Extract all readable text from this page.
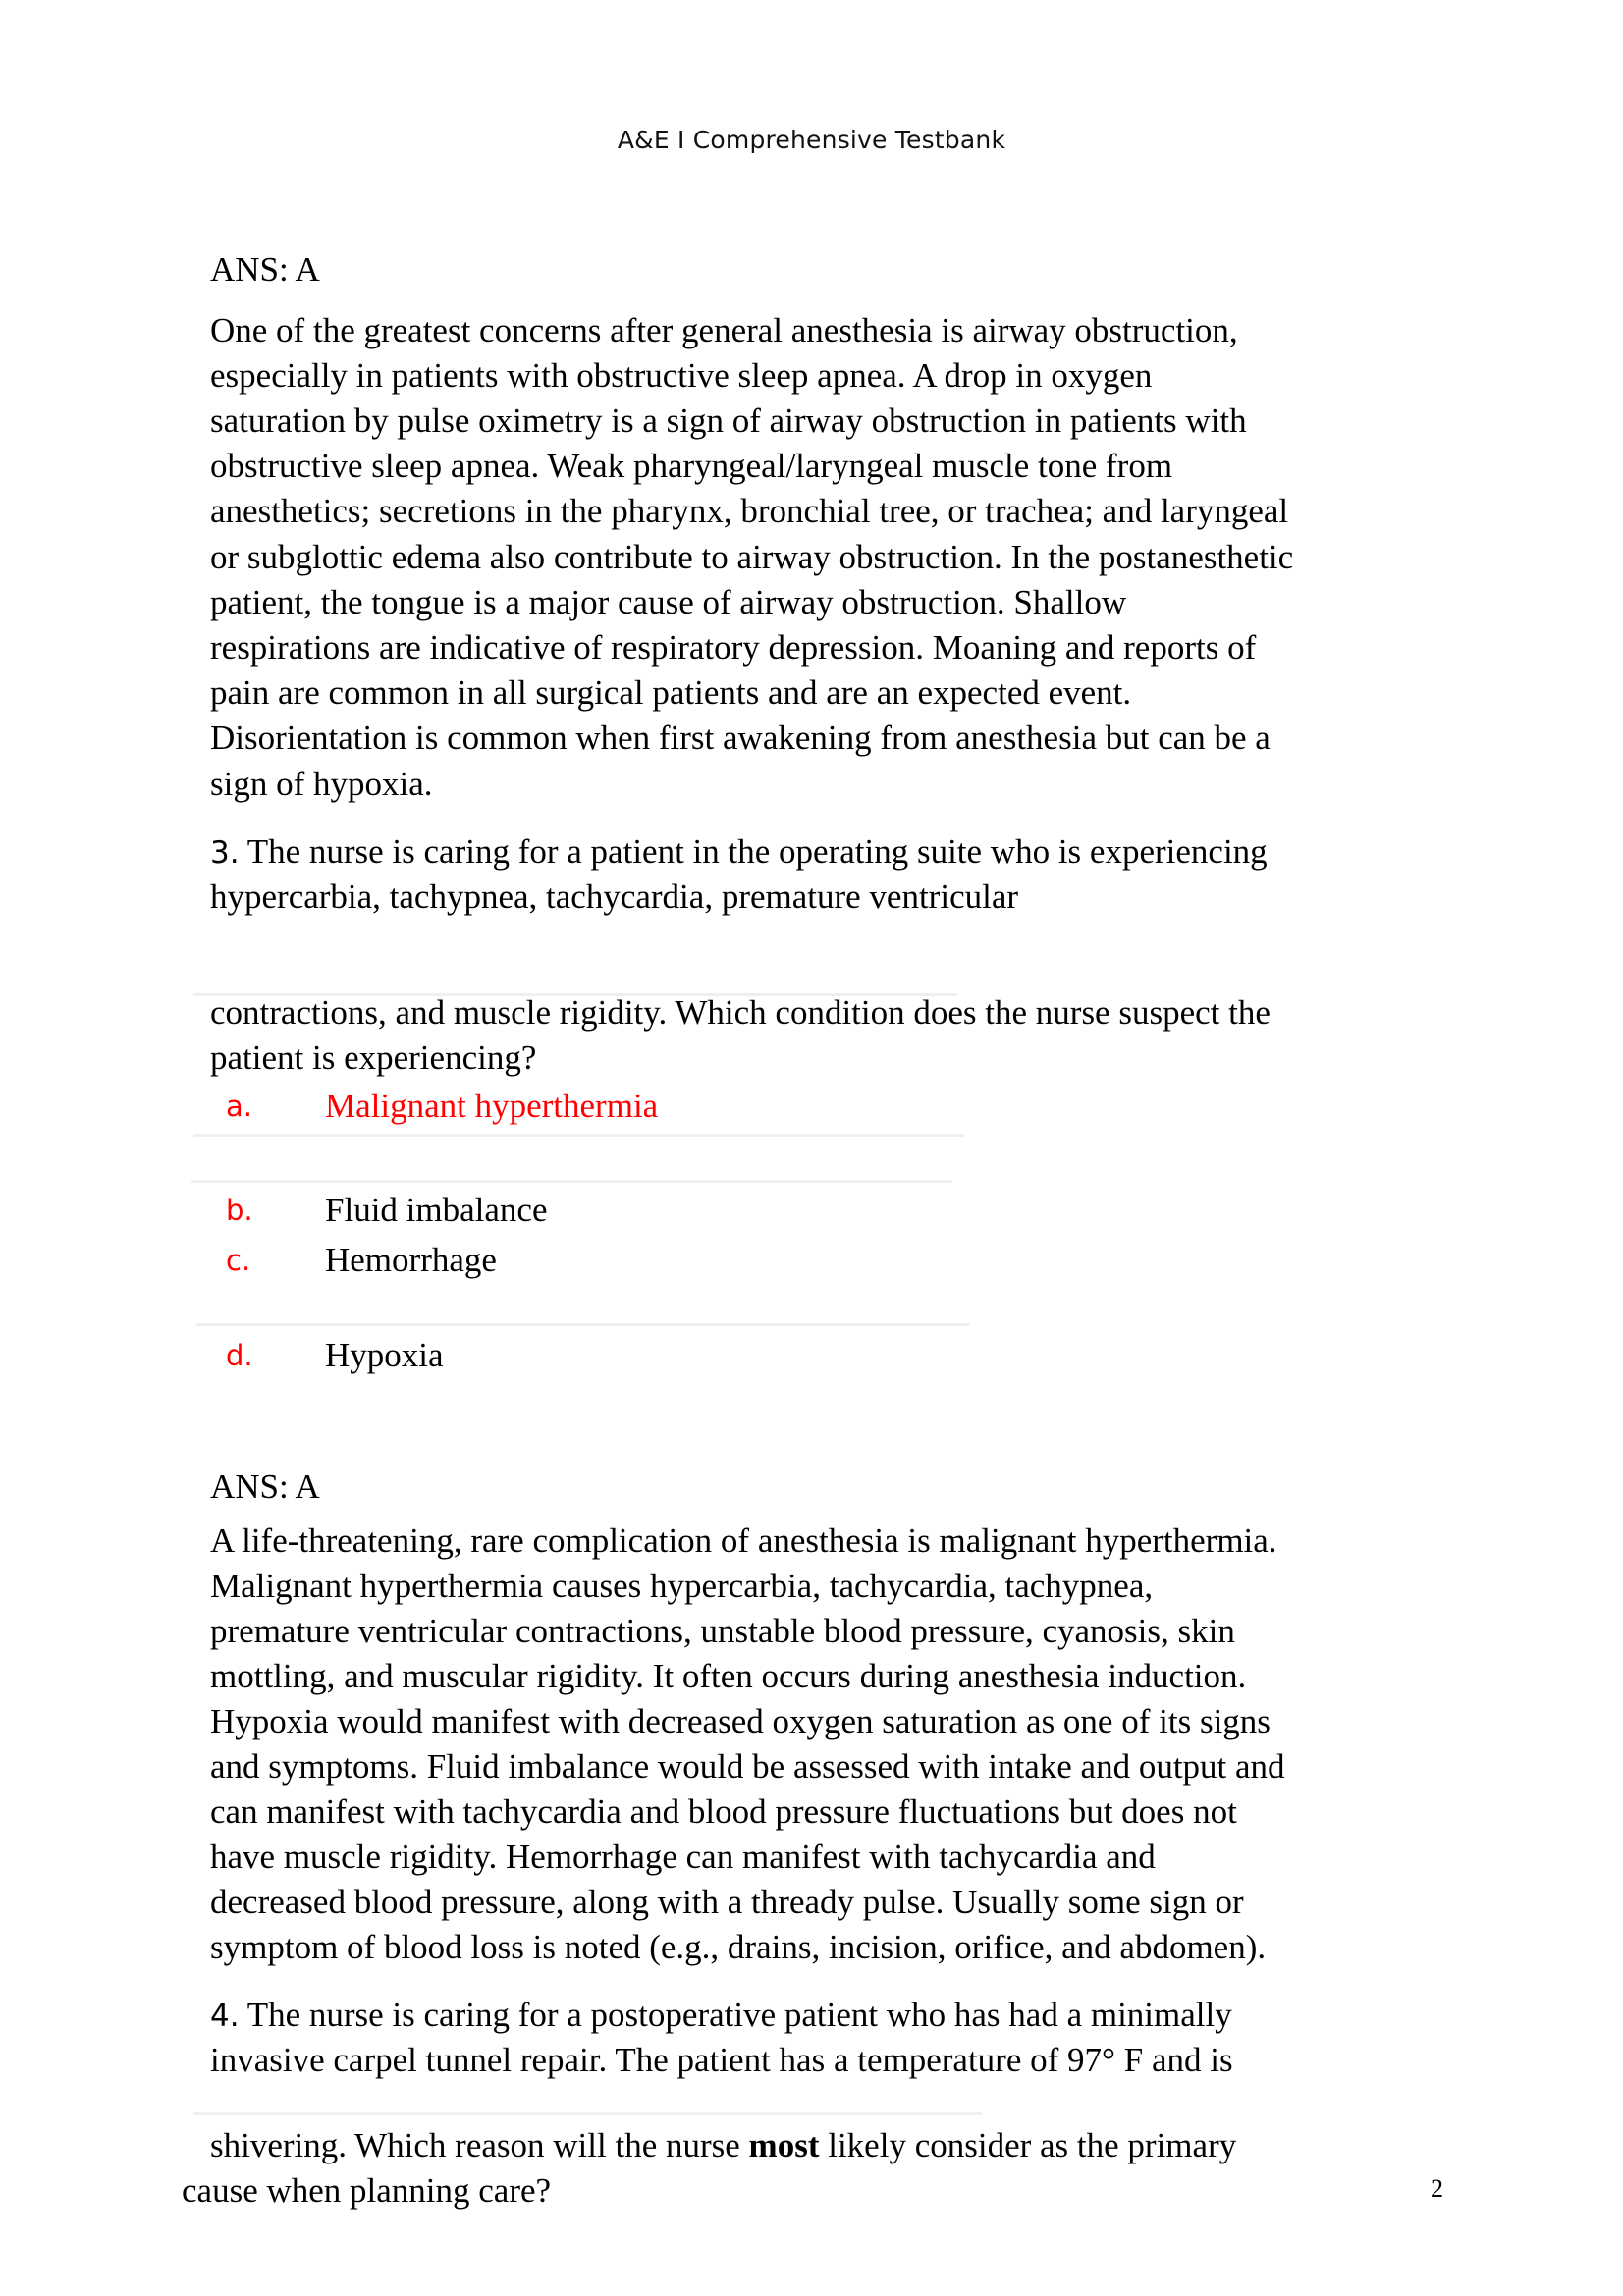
A&E I Comprehensive Testbank
ANS: A
One of the greatest concerns after general anesthesia is airway obstruction,
especially in patients with obstructive sleep apnea. A drop in oxygen
saturation by pulse oximetry is a sign of airway obstruction in patients with
obstructive sleep apnea. Weak pharyngeal/laryngeal muscle tone from
anesthetics; secretions in the pharynx, bronchial tree, or trachea; and laryngeal
or subglottic edema also contribute to airway obstruction. In the postanesthetic
patient, the tongue is a major cause of airway obstruction. Shallow
respirations are indicative of respiratory depression. Moaning and reports of
pain are common in all surgical patients and are an expected event.
Disorientation is common when first awakening from anesthesia but can be a
sign of hypoxia.
3. The nurse is caring for a patient in the operating suite who is experiencing
hypercarbia, tachypnea, tachycardia, premature ventricular
contractions, and muscle rigidity. Which condition does the nurse suspect the
patient is experiencing?
a. Malignant hyperthermia
b. Fluid imbalance
c. Hemorrhage
d. Hypoxia
ANS: A
A life-threatening, rare complication of anesthesia is malignant hyperthermia.
Malignant hyperthermia causes hypercarbia, tachycardia, tachypnea,
premature ventricular contractions, unstable blood pressure, cyanosis, skin
mottling, and muscular rigidity. It often occurs during anesthesia induction.
Hypoxia would manifest with decreased oxygen saturation as one of its signs
and symptoms. Fluid imbalance would be assessed with intake and output and
can manifest with tachycardia and blood pressure fluctuations but does not
have muscle rigidity. Hemorrhage can manifest with tachycardia and
decreased blood pressure, along with a thready pulse. Usually some sign or
symptom of blood loss is noted (e.g., drains, incision, orifice, and abdomen).
4. The nurse is caring for a postoperative patient who has had a minimally
invasive carpel tunnel repair. The patient has a temperature of 97° F and is
shivering. Which reason will the nurse most likely consider as the primary
cause when planning care?	2
